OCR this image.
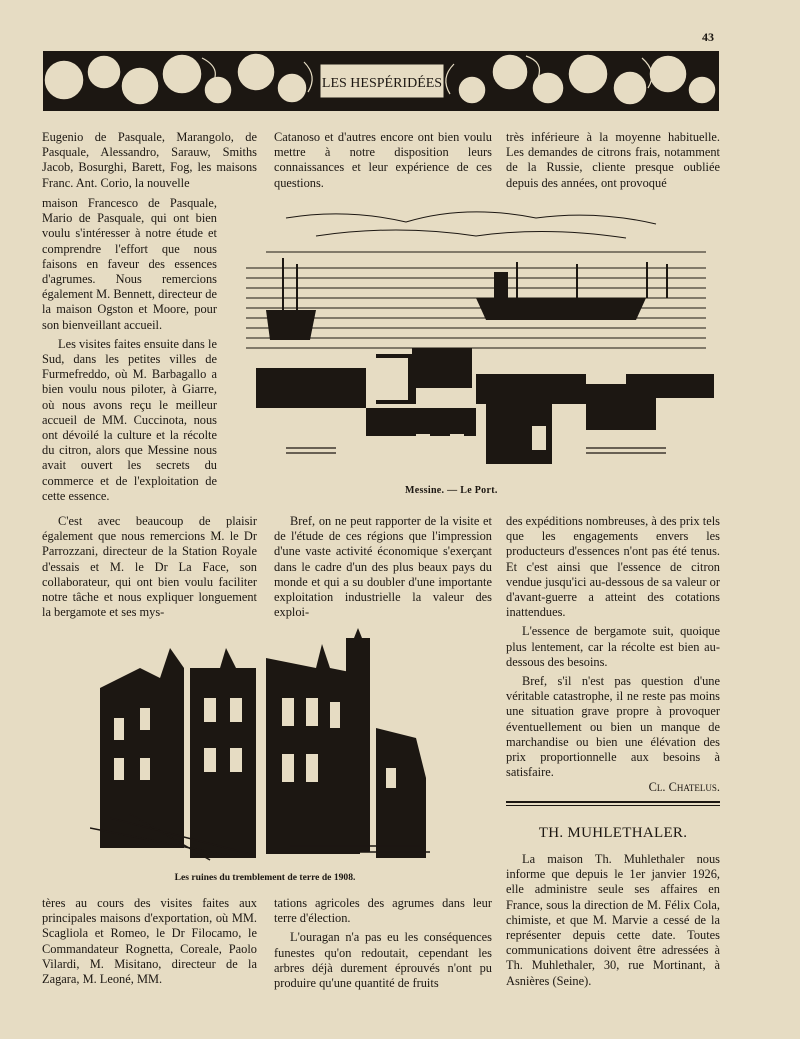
43
LES HESPÉRIDÉES

Eugenio de Pasquale, Marangolo, de Pasquale, Alessandro, Sarauw, Smiths Jacob, Bosurghi, Barett, Fog, les maisons Franc. Ant. Corio, la nouvelle

maison Francesco de Pasquale, Mario de Pasquale, qui ont bien voulu s'intéresser à notre étude et comprendre l'effort que nous faisons en faveur des essences d'agrumes. Nous remercions également M. Bennett, directeur de la maison Ogston et Moore, pour son bienveillant accueil.

Les visites faites ensuite dans le Sud, dans les petites villes de Furmefreddo, où M. Barbagallo a bien voulu nous piloter, à Giarre, où nous avons reçu le meilleur accueil de MM. Cuccinota, nous ont dévoilé la culture et la récolte du citron, alors que Messine nous avait ouvert les secrets du commerce et de l'exploitation de cette essence.

Catanoso et d'autres encore ont bien voulu mettre à notre disposition leurs connaissances et leur expérience de ces questions.

très inférieure à la moyenne habituelle. Les demandes de citrons frais, notamment de la Russie, cliente presque oubliée depuis des années, ont provoqué

Messine. — Le Port.

C'est avec beaucoup de plaisir également que nous remercions M. le Dr Parrozzani, directeur de la Station Royale d'essais et M. le Dr La Face, son collaborateur, qui ont bien voulu faciliter notre tâche et nous expliquer longuement la bergamote et ses mys-

Bref, on ne peut rapporter de la visite et de l'étude de ces régions que l'impression d'une vaste activité économique s'exerçant dans le cadre d'un des plus beaux pays du monde et qui a su doubler d'une importante exploitation industrielle la valeur des exploi-

des expéditions nombreuses, à des prix tels que les engagements envers les producteurs d'essences n'ont pas été tenus. Et c'est ainsi que l'essence de citron vendue jusqu'ici au-dessous de sa valeur or d'avant-guerre a atteint des cotations inattendues.

L'essence de bergamote suit, quoique plus lentement, car la récolte est bien au-dessous des besoins.

Bref, s'il n'est pas question d'une véritable catastrophe, il ne reste pas moins une situation grave propre à provoquer éventuellement ou bien un manque de marchandise ou bien une élévation des prix proportionnelle aux besoins à satisfaire.

Cl. Chatelus.

Les ruines du tremblement de terre de 1908.

tères au cours des visites faites aux principales maisons d'exportation, où MM. Scagliola et Romeo, le Dr Filocamo, le Commandateur Rognetta, Coreale, Paolo Vilardi, M. Misitano, directeur de la Zagara, M. Leoné, MM.

tations agricoles des agrumes dans leur terre d'élection.

L'ouragan n'a pas eu les conséquences funestes qu'on redoutait, cependant les arbres déjà durement éprouvés n'ont pu produire qu'une quantité de fruits

TH. MUHLETHALER.

La maison Th. Muhlethaler nous informe que depuis le 1er janvier 1926, elle administre seule ses affaires en France, sous la direction de M. Félix Cola, chimiste, et que M. Marvie a cessé de la représenter depuis cette date. Toutes communications doivent être adressées à Th. Muhlethaler, 30, rue Mortinant, à Asnières (Seine).
